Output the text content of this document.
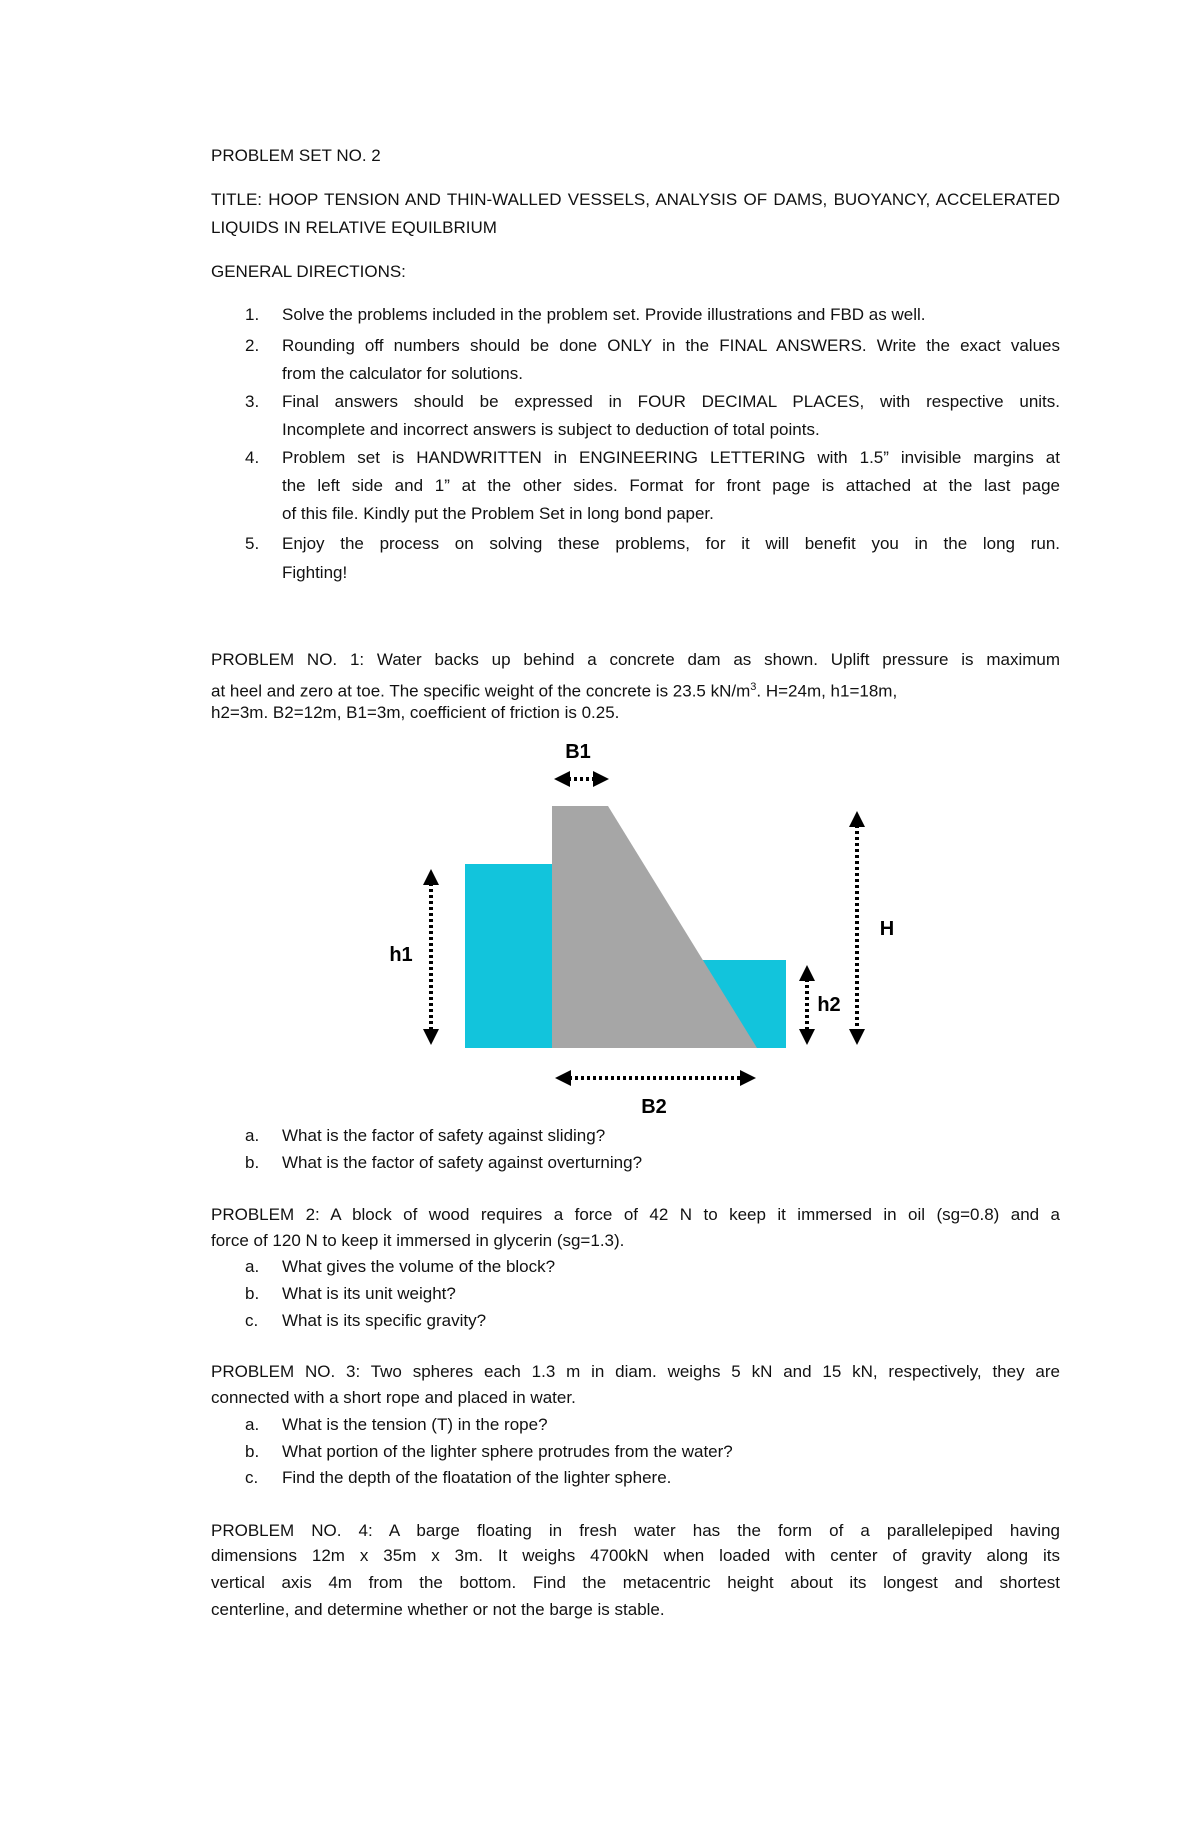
PROBLEM SET NO. 2
TITLE: HOOP TENSION AND THIN-WALLED VESSELS, ANALYSIS OF DAMS, BUOYANCY, ACCELERATED
LIQUIDS IN RELATIVE EQUILBRIUM
GENERAL DIRECTIONS:
1. Solve the problems included in the problem set. Provide illustrations and FBD as well.
2. Rounding off numbers should be done ONLY in the FINAL ANSWERS. Write the exact values
from the calculator for solutions.
3. Final answers should be expressed in FOUR DECIMAL PLACES, with respective units.
Incomplete and incorrect answers is subject to deduction of total points.
4. Problem set is HANDWRITTEN in ENGINEERING LETTERING with 1.5” invisible margins at
the left side and 1” at the other sides. Format for front page is attached at the last page
of this file. Kindly put the Problem Set in long bond paper.
5. Enjoy the process on solving these problems, for it will benefit you in the long run.
Fighting!
PROBLEM NO. 1: Water backs up behind a concrete dam as shown. Uplift pressure is maximum
at heel and zero at toe. The specific weight of the concrete is 23.5 $kN/m^3$. H=24m, h1=18m,
h2=3m. B2=12m, B1=3m, coefficient of friction is 0.25.
B1
B2
H
h1
h2
a. What is the factor of safety against sliding?
b. What is the factor of safety against overturning?
PROBLEM 2: A block of wood requires a force of 42 N to keep it immersed in oil (sg=0.8) and a
force of 120 N to keep it immersed in glycerin (sg=1.3).
a. What gives the volume of the block?
b. What is its unit weight?
c. What is its specific gravity?
PROBLEM NO. 3: Two spheres each 1.3 m in diam. weighs 5 kN and 15 kN, respectively, they are
connected with a short rope and placed in water.
a. What is the tension (T) in the rope?
b. What portion of the lighter sphere protrudes from the water?
c. Find the depth of the floatation of the lighter sphere.
PROBLEM NO. 4: A barge floating in fresh water has the form of a parallelepiped having
dimensions 12m x 35m x 3m. It weighs 4700kN when loaded with center of gravity along its
vertical axis 4m from the bottom. Find the metacentric height about its longest and shortest
centerline, and determine whether or not the barge is stable.
